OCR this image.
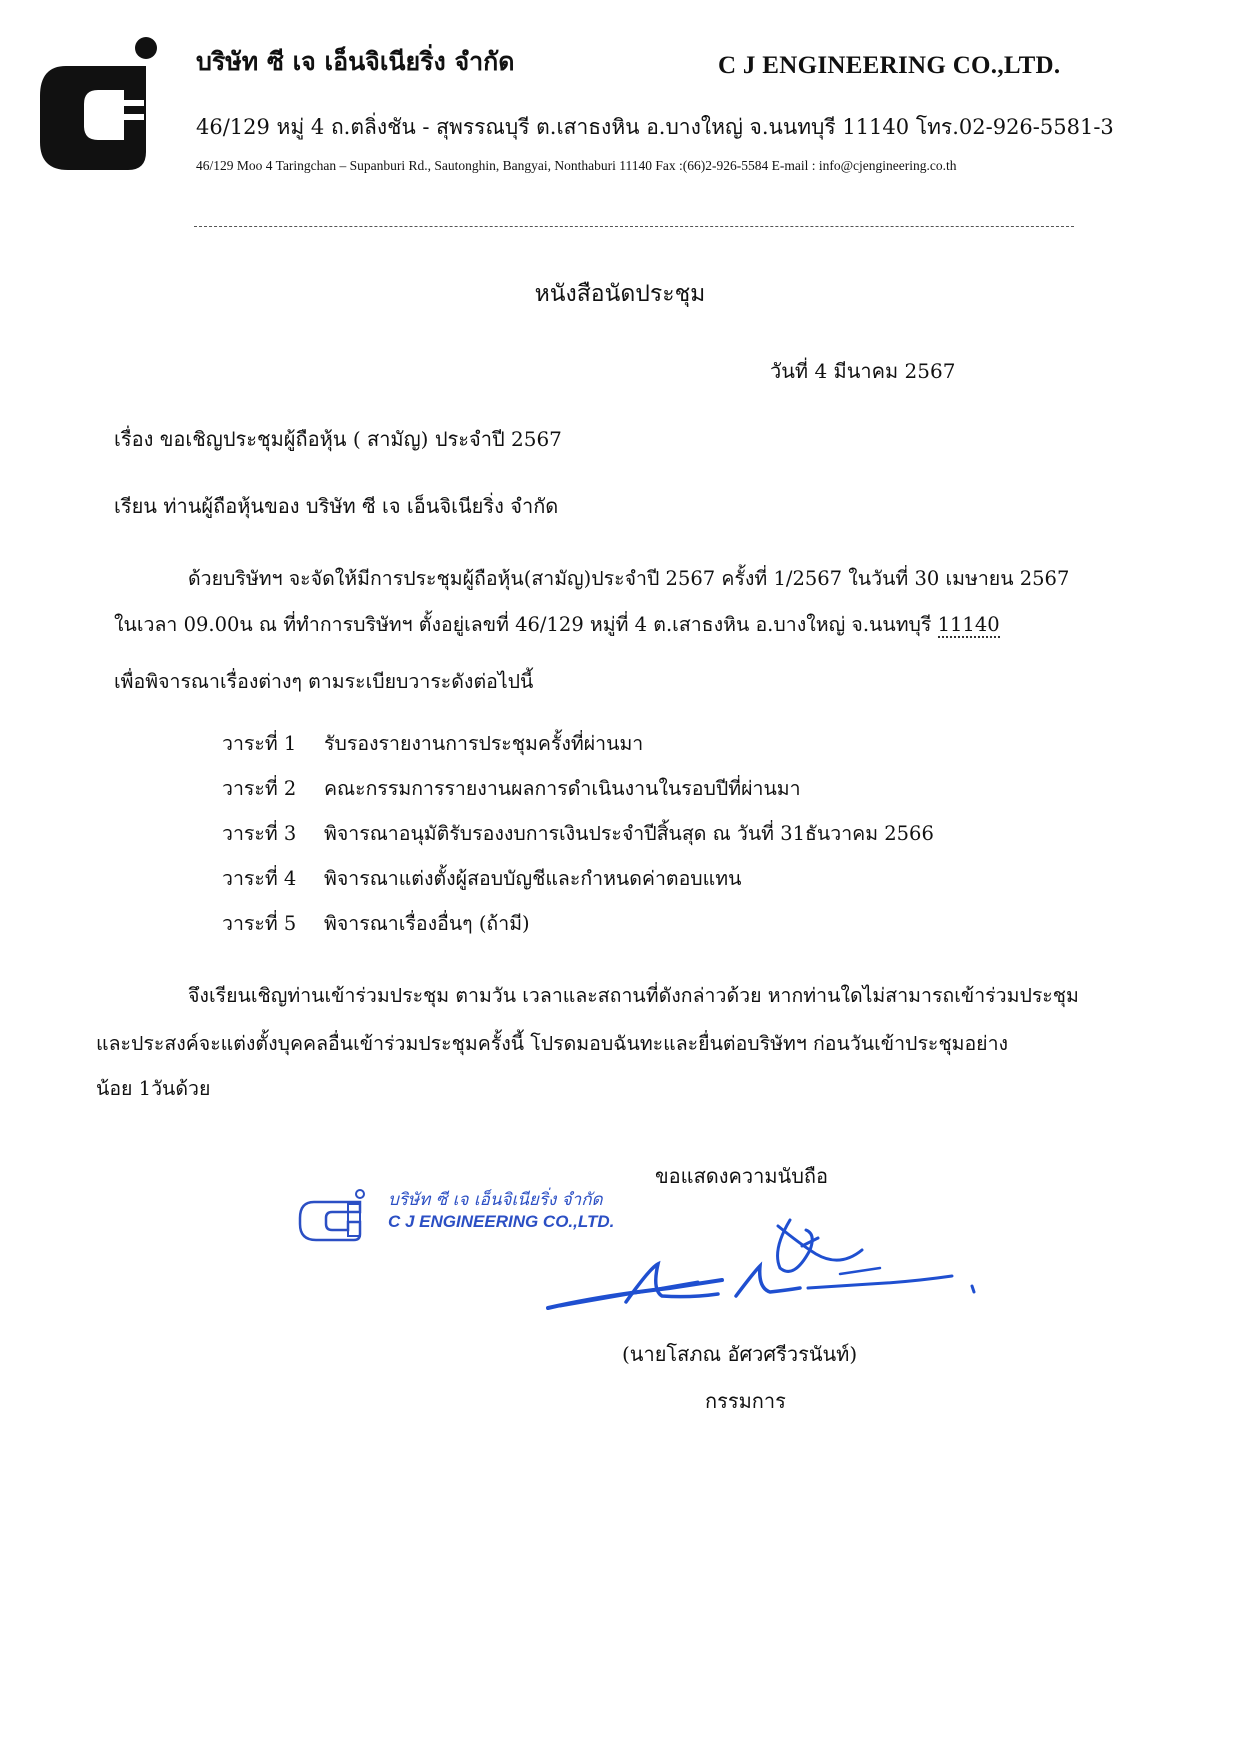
บริษัท ซี เจ เอ็นจิเนียริ่ง จำกัด	C J ENGINEERING CO.,LTD.
46/129 หมู่ 4 ถ.ตลิ่งชัน - สุพรรณบุรี ต.เสาธงหิน อ.บางใหญ่ จ.นนทบุรี 11140 โทร.02-926-5581-3
46/129 Moo 4 Taringchan – Supanburi Rd., Sautonghin, Bangyai, Nonthaburi 11140 Fax :(66)2-926-5584 E-mail : info@cjengineering.co.th
หนังสือนัดประชุม
วันที่ 4 มีนาคม 2567
เรื่อง ขอเชิญประชุมผู้ถือหุ้น ( สามัญ) ประจำปี 2567
เรียน ท่านผู้ถือหุ้นของ บริษัท ซี เจ เอ็นจิเนียริ่ง จำกัด
ด้วยบริษัทฯ จะจัดให้มีการประชุมผู้ถือหุ้น(สามัญ)ประจำปี 2567 ครั้งที่ 1/2567 ในวันที่ 30 เมษายน 2567
ในเวลา 09.00น ณ ที่ทำการบริษัทฯ ตั้งอยู่เลขที่ 46/129 หมู่ที่ 4 ต.เสาธงหิน อ.บางใหญ่ จ.นนทบุรี 11140
เพื่อพิจารณาเรื่องต่างๆ ตามระเบียบวาระดังต่อไปนี้
วาระที่ 1 รับรองรายงานการประชุมครั้งที่ผ่านมา
วาระที่ 2 คณะกรรมการรายงานผลการดำเนินงานในรอบปีที่ผ่านมา
วาระที่ 3 พิจารณาอนุมัติรับรองงบการเงินประจำปีสิ้นสุด ณ วันที่ 31ธันวาคม 2566
วาระที่ 4 พิจารณาแต่งตั้งผู้สอบบัญชีและกำหนดค่าตอบแทน
วาระที่ 5 พิจารณาเรื่องอื่นๆ (ถ้ามี)
จึงเรียนเชิญท่านเข้าร่วมประชุม ตามวัน เวลาและสถานที่ดังกล่าวด้วย หากท่านใดไม่สามารถเข้าร่วมประชุม
และประสงค์จะแต่งตั้งบุคคลอื่นเข้าร่วมประชุมครั้งนี้ โปรดมอบฉันทะและยื่นต่อบริษัทฯ ก่อนวันเข้าประชุมอย่าง
น้อย 1วันด้วย
ขอแสดงความนับถือ
บริษัท ซี เจ เอ็นจิเนียริ่ง จำกัด
C J ENGINEERING CO.,LTD.
(นายโสภณ อัศวศรีวรนันท์)
กรรมการ
